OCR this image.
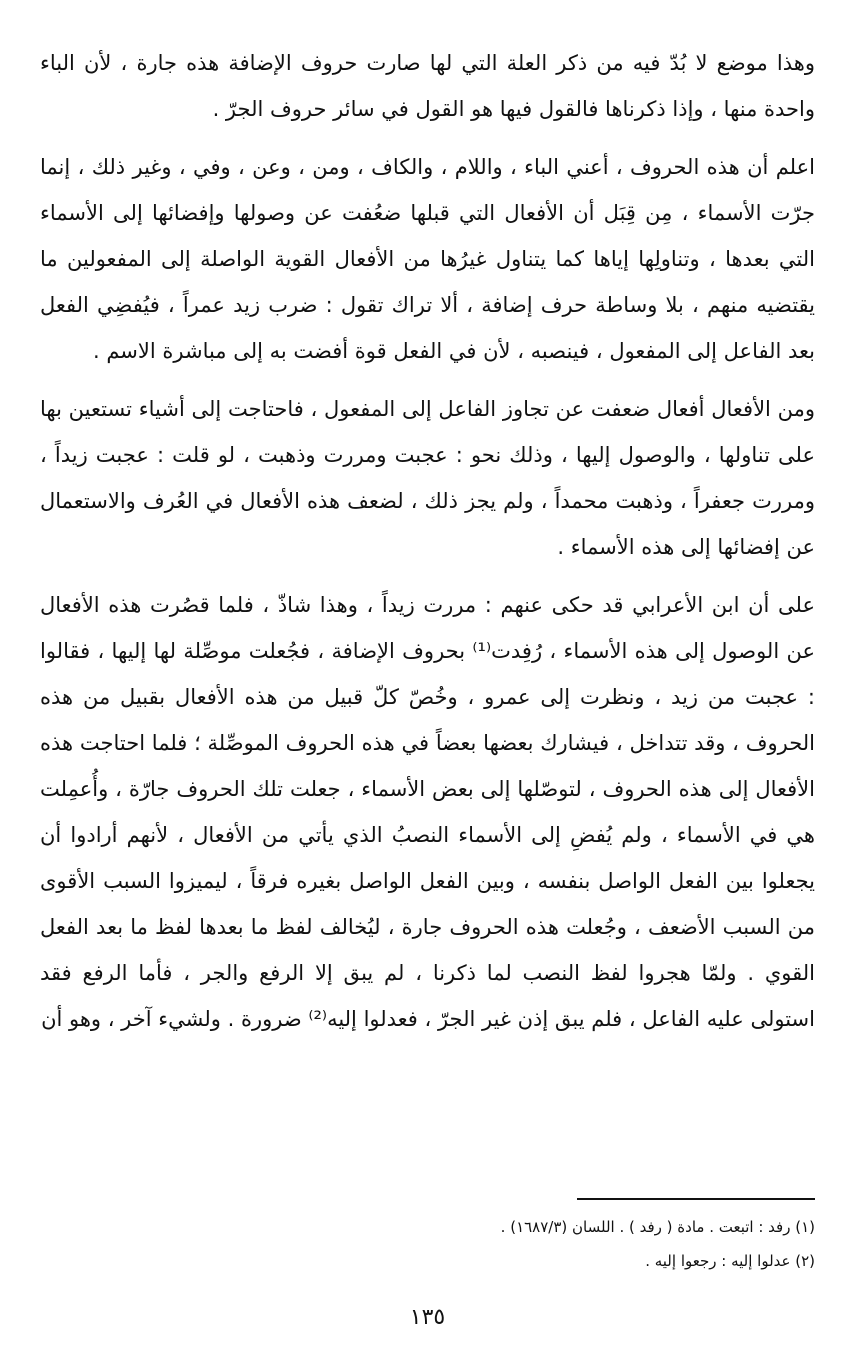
وهذا موضع لا بُدّ فيه من ذكر العلة التي لها صارت حروف الإضافة هذه جارة ، لأن الباء واحدة منها ، وإذا ذكرناها فالقول فيها هو القول في سائر حروف الجرّ .

اعلم أن هذه الحروف ، أعني الباء ، واللام ، والكاف ، ومن ، وعن ، وفي ، وغير ذلك ، إنما جرّت الأسماء ، مِن قِبَل أن الأفعال التي قبلها ضعُفت عن وصولها وإفضائها إلى الأسماء التي بعدها ، وتناولِها إياها كما يتناول غيرُها من الأفعال القوية الواصلة إلى المفعولين ما يقتضيه منهم ، بلا وساطة حرف إضافة ، ألا تراك تقول : ضرب زيد عمراً ، فيُفضِي الفعل بعد الفاعل إلى المفعول ، فينصبه ، لأن في الفعل قوة أفضت به إلى مباشرة الاسم .

ومن الأفعال أفعال ضعفت عن تجاوز الفاعل إلى المفعول ، فاحتاجت إلى أشياء تستعين بها على تناولها ، والوصول إليها ، وذلك نحو : عجبت ومررت وذهبت ، لو قلت : عجبت زيداً ، ومررت جعفراً ، وذهبت محمداً ، ولم يجز ذلك ، لضعف هذه الأفعال في العُرف والاستعمال عن إفضائها إلى هذه الأسماء .

على أن ابن الأعرابي قد حكى عنهم : مررت زيداً ، وهذا شاذّ ، فلما قصُرت هذه الأفعال عن الوصول إلى هذه الأسماء ، رُفِدت⁽¹⁾ بحروف الإضافة ، فجُعلت موصِّلة لها إليها ، فقالوا : عجبت من زيد ، ونظرت إلى عمرو ، وخُصّ كلّ قبيل من هذه الأفعال بقبيل من هذه الحروف ، وقد تتداخل ، فيشارك بعضها بعضاً في هذه الحروف الموصِّلة ؛ فلما احتاجت هذه الأفعال إلى هذه الحروف ، لتوصّلها إلى بعض الأسماء ، جعلت تلك الحروف جارّة ، وأُعمِلت هي في الأسماء ، ولم يُفضِ إلى الأسماء النصبُ الذي يأتي من الأفعال ، لأنهم أرادوا أن يجعلوا بين الفعل الواصل بنفسه ، وبين الفعل الواصل بغيره فرقاً ، ليميزوا السبب الأقوى من السبب الأضعف ، وجُعلت هذه الحروف جارة ، ليُخالف لفظ ما بعدها لفظ ما بعد الفعل القوي . ولمّا هجروا لفظ النصب لما ذكرنا ، لم يبق إلا الرفع والجر ، فأما الرفع فقد استولى عليه الفاعل ، فلم يبق إذن غير الجرّ ، فعدلوا إليه⁽²⁾ ضرورة . ولشيء آخر ، وهو أن

(١) رفد : اتبعت . مادة ( رفد ) . اللسان (١٦٨٧/٣) .

(٢) عدلوا إليه : رجعوا إليه .

١٣٥
